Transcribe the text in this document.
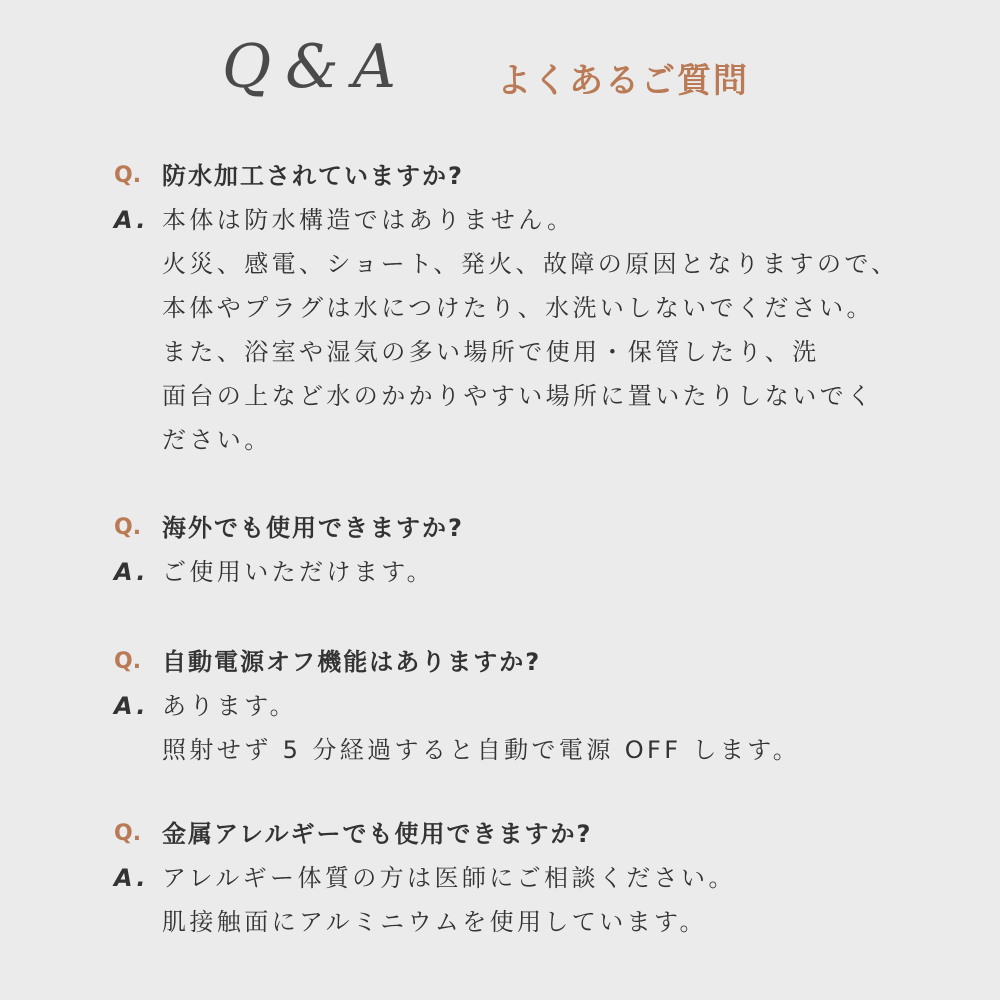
Q&A	よくあるご質問
Q. 防水加工されていますか?
A. 本体は防水構造ではありません。
火災、感電、ショート、発火、故障の原因となりますので、
本体やプラグは水につけたり、水洗いしないでください。
また、浴室や湿気の多い場所で使用・保管したり、洗
面台の上など水のかかりやすい場所に置いたりしないでく
ださい。
Q. 海外でも使用できますか?
A. ご使用いただけます。
Q. 自動電源オフ機能はありますか?
A. あります。
照射せず 5 分経過すると自動で電源 OFF します。
Q. 金属アレルギーでも使用できますか?
A. アレルギー体質の方は医師にご相談ください。
肌接触面にアルミニウムを使用しています。
